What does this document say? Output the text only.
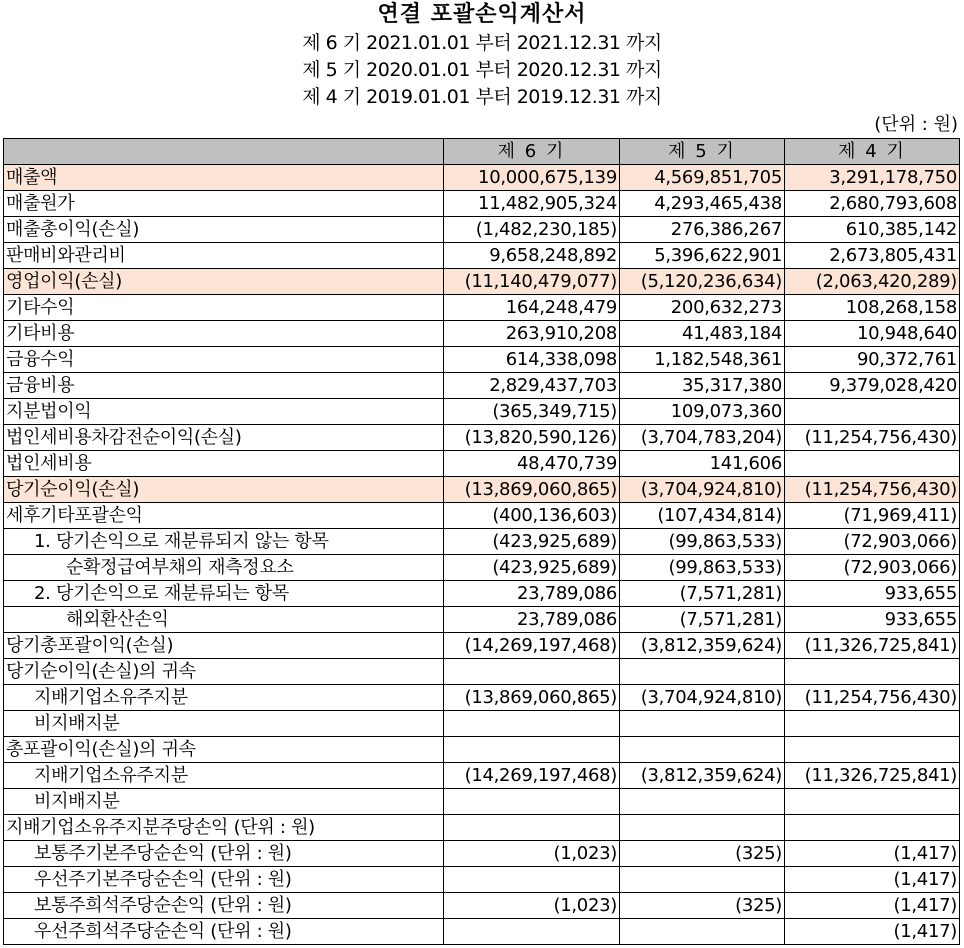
연결 포괄손익계산서
제 6 기 2021.01.01 부터 2021.12.31 까지
제 5 기 2020.01.01 부터 2020.12.31 까지
제 4 기 2019.01.01 부터 2019.12.31 까지
(단위 : 원)
	제 6 기	제 5 기	제 4 기
매출액	10,000,675,139	4,569,851,705	3,291,178,750
매출원가	11,482,905,324	4,293,465,438	2,680,793,608
매출총이익(손실)	(1,482,230,185)	276,386,267	610,385,142
판매비와관리비	9,658,248,892	5,396,622,901	2,673,805,431
영업이익(손실)	(11,140,479,077)	(5,120,236,634)	(2,063,420,289)
기타수익	164,248,479	200,632,273	108,268,158
기타비용	263,910,208	41,483,184	10,948,640
금융수익	614,338,098	1,182,548,361	90,372,761
금융비용	2,829,437,703	35,317,380	9,379,028,420
지분법이익	(365,349,715)	109,073,360	
법인세비용차감전순이익(손실)	(13,820,590,126)	(3,704,783,204)	(11,254,756,430)
법인세비용	48,470,739	141,606	
당기순이익(손실)	(13,869,060,865)	(3,704,924,810)	(11,254,756,430)
세후기타포괄손익	(400,136,603)	(107,434,814)	(71,969,411)
1. 당기손익으로 재분류되지 않는 항목	(423,925,689)	(99,863,533)	(72,903,066)
순확정급여부채의 재측정요소	(423,925,689)	(99,863,533)	(72,903,066)
2. 당기손익으로 재분류되는 항목	23,789,086	(7,571,281)	933,655
해외환산손익	23,789,086	(7,571,281)	933,655
당기총포괄이익(손실)	(14,269,197,468)	(3,812,359,624)	(11,326,725,841)
당기순이익(손실)의 귀속			
지배기업소유주지분	(13,869,060,865)	(3,704,924,810)	(11,254,756,430)
비지배지분			
총포괄이익(손실)의 귀속			
지배기업소유주지분	(14,269,197,468)	(3,812,359,624)	(11,326,725,841)
비지배지분			
지배기업소유주지분주당손익 (단위 : 원)			
보통주기본주당순손익 (단위 : 원)	(1,023)	(325)	(1,417)
우선주기본주당순손익 (단위 : 원)			(1,417)
보통주희석주당순손익 (단위 : 원)	(1,023)	(325)	(1,417)
우선주희석주당순손익 (단위 : 원)			(1,417)
